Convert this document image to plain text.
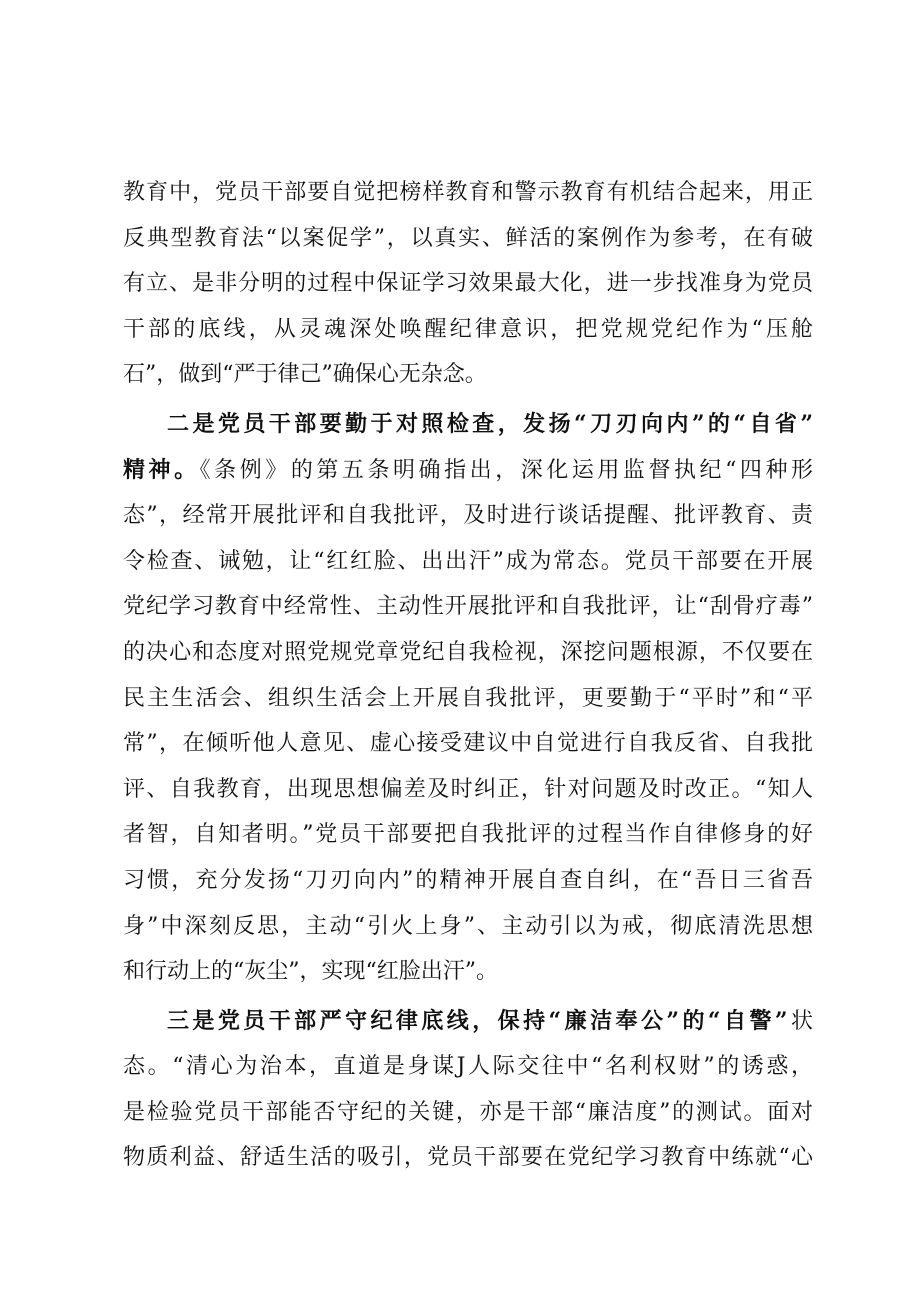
教育中，党员干部要自觉把榜样教育和警示教育有机结合起来，用正
反典型教育法“以案促学”，以真实、鲜活的案例作为参考，在有破
有立、是非分明的过程中保证学习效果最大化，进一步找准身为党员
干部的底线，从灵魂深处唤醒纪律意识，把党规党纪作为“压舱
石”，做到“严于律己”确保心无杂念。
二是党员干部要勤于对照检查，发扬“刀刃向内”的“自省”
精神。《条例》的第五条明确指出，深化运用监督执纪“四种形
态”，经常开展批评和自我批评，及时进行谈话提醒、批评教育、责
令检查、诫勉，让“红红脸、出出汗”成为常态。党员干部要在开展
党纪学习教育中经常性、主动性开展批评和自我批评，让“刮骨疗毒”
的决心和态度对照党规党章党纪自我检视，深挖问题根源，不仅要在
民主生活会、组织生活会上开展自我批评，更要勤于“平时”和“平
常”，在倾听他人意见、虚心接受建议中自觉进行自我反省、自我批
评、自我教育，出现思想偏差及时纠正，针对问题及时改正。“知人
者智，自知者明。”党员干部要把自我批评的过程当作自律修身的好
习惯，充分发扬“刀刃向内”的精神开展自查自纠，在“吾日三省吾
身”中深刻反思，主动“引火上身”、主动引以为戒，彻底清洗思想
和行动上的“灰尘”，实现“红脸出汗”。
三是党员干部严守纪律底线，保持“廉洁奉公”的“自警”状
态。“清心为治本，直道是身谋J人际交往中“名利权财”的诱惑，
是检验党员干部能否守纪的关键，亦是干部“廉洁度”的测试。面对
物质利益、舒适生活的吸引，党员干部要在党纪学习教育中练就“心
